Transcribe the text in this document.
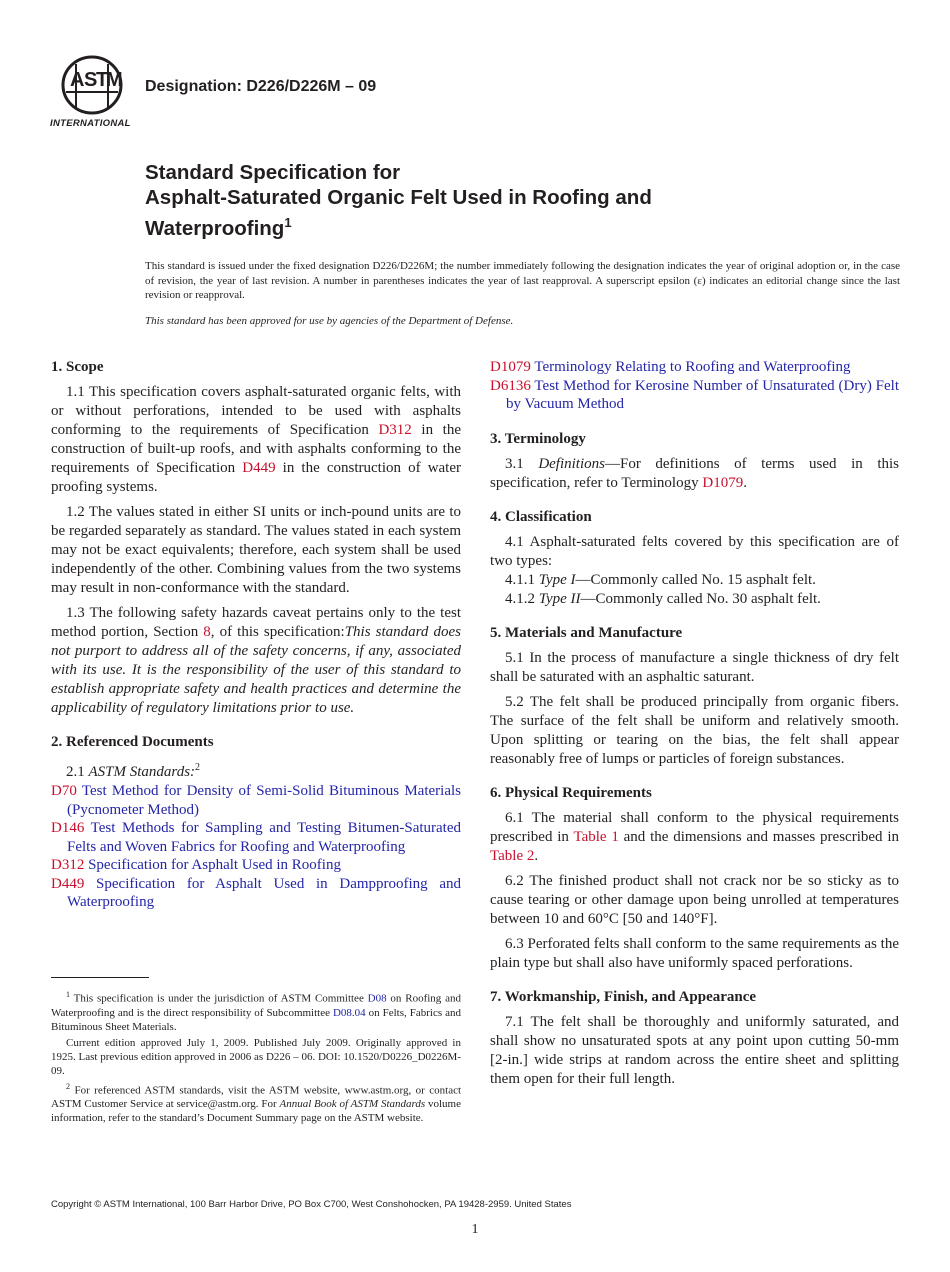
A S
T
M
INTERNATIONAL
Designation: D226/D226M – 09
Standard Specification for
Asphalt-Saturated Organic Felt Used in Roofing and
Waterproofing$^1$

This standard is issued under the fixed designation D226/D226M; the number immediately following the designation indicates the year of original adoption or, in the case of revision, the year of last revision. A number in parentheses indicates the year of last reapproval. A superscript epsilon (ε) indicates an editorial change since the last revision or reapproval.

This standard has been approved for use by agencies of the Department of Defense.

1. Scope

1.1 This specification covers asphalt-saturated organic felts, with or without perforations, intended to be used with asphalts conforming to the requirements of Specification D312 in the construction of built-up roofs, and with asphalts conforming to the requirements of Specification D449 in the construction of water proofing systems.

1.2 The values stated in either SI units or inch-pound units are to be regarded separately as standard. The values stated in each system may not be exact equivalents; therefore, each system shall be used independently of the other. Combining values from the two systems may result in non-conformance with the standard.

1.3 The following safety hazards caveat pertains only to the test method portion, Section 8, of this specification:This standard does not purport to address all of the safety concerns, if any, associated with its use. It is the responsibility of the user of this standard to establish appropriate safety and health practices and determine the applicability of regulatory limitations prior to use.

2. Referenced Documents

2.1 ASTM Standards:$^2$

D70 Test Method for Density of Semi-Solid Bituminous Materials (Pycnometer Method)

D146 Test Methods for Sampling and Testing Bitumen-Saturated Felts and Woven Fabrics for Roofing and Waterproofing

D312 Specification for Asphalt Used in Roofing

D449 Specification for Asphalt Used in Dampproofing and Waterproofing

$^1$ This specification is under the jurisdiction of ASTM Committee D08 on Roofing and Waterproofing and is the direct responsibility of Subcommittee D08.04 on Felts, Fabrics and Bituminous Sheet Materials.

Current edition approved July 1, 2009. Published July 2009. Originally approved in 1925. Last previous edition approved in 2006 as D226 – 06. DOI: 10.1520/D0226_D0226M-09.

$^2$ For referenced ASTM standards, visit the ASTM website, www.astm.org, or contact ASTM Customer Service at service@astm.org. For Annual Book of ASTM Standards volume information, refer to the standard’s Document Summary page on the ASTM website.

D1079 Terminology Relating to Roofing and Waterproofing

D6136 Test Method for Kerosine Number of Unsaturated (Dry) Felt by Vacuum Method

3. Terminology

3.1 Definitions—For definitions of terms used in this specification, refer to Terminology D1079.

4. Classification

4.1 Asphalt-saturated felts covered by this specification are of two types:

4.1.1 Type I—Commonly called No. 15 asphalt felt.

4.1.2 Type II—Commonly called No. 30 asphalt felt.

5. Materials and Manufacture

5.1 In the process of manufacture a single thickness of dry felt shall be saturated with an asphaltic saturant.

5.2 The felt shall be produced principally from organic fibers. The surface of the felt shall be uniform and relatively smooth. Upon splitting or tearing on the bias, the felt shall appear reasonably free of lumps or particles of foreign substances.

6. Physical Requirements

6.1 The material shall conform to the physical requirements prescribed in Table 1 and the dimensions and masses prescribed in Table 2.

6.2 The finished product shall not crack nor be so sticky as to cause tearing or other damage upon being unrolled at temperatures between 10 and 60°C [50 and 140°F].

6.3 Perforated felts shall conform to the same requirements as the plain type but shall also have uniformly spaced perforations.

7. Workmanship, Finish, and Appearance

7.1 The felt shall be thoroughly and uniformly saturated, and shall show no unsaturated spots at any point upon cutting 50-mm [2-in.] wide strips at random across the entire sheet and splitting them open for their full length.

Copyright © ASTM International, 100 Barr Harbor Drive, PO Box C700, West Conshohocken, PA 19428-2959. United States
1
